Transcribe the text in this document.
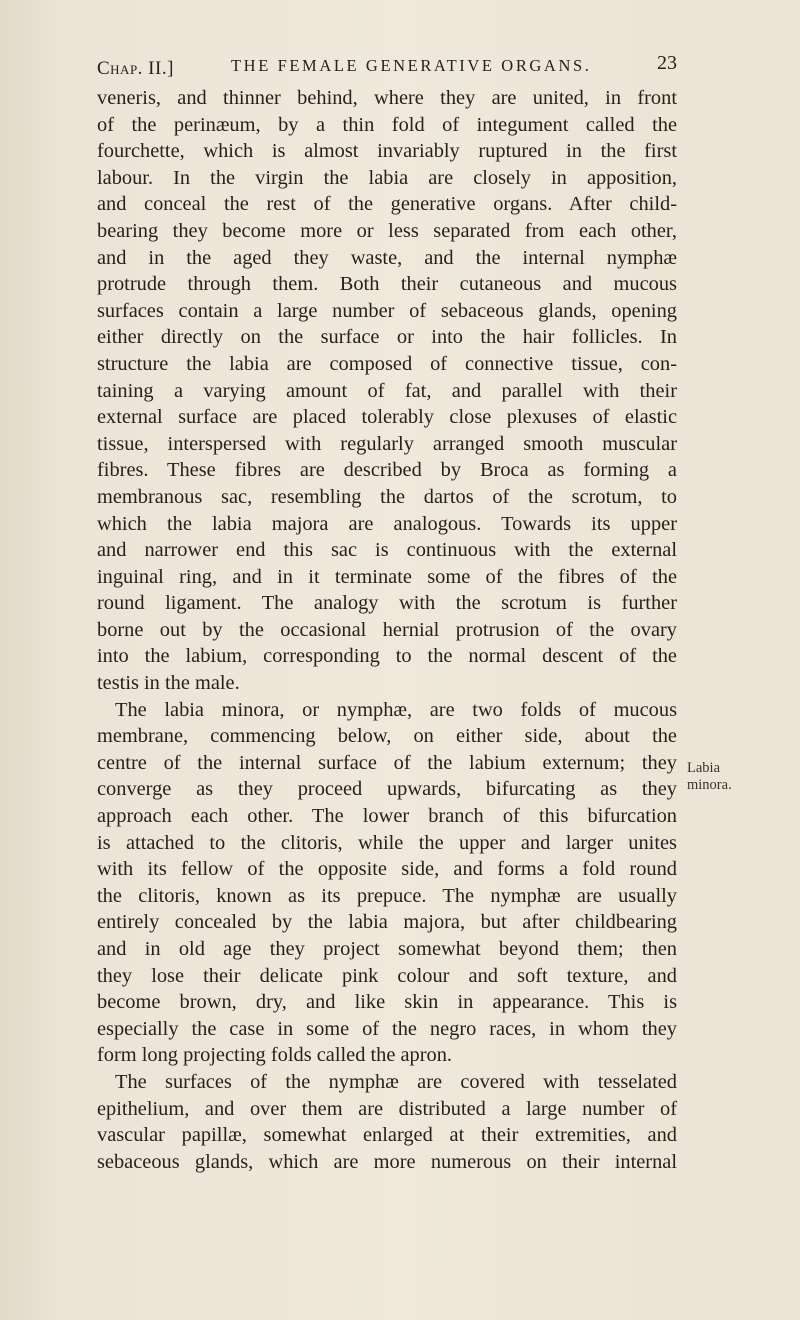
Chap. II.]	THE FEMALE GENERATIVE ORGANS.	23
veneris, and thinner behind, where they are united, in front
of the perinæum, by a thin fold of integument called the
fourchette, which is almost invariably ruptured in the first
labour. In the virgin the labia are closely in apposition,
and conceal the rest of the generative organs. After child-
bearing they become more or less separated from each other,
and in the aged they waste, and the internal nymphæ
protrude through them. Both their cutaneous and mucous
surfaces contain a large number of sebaceous glands, opening
either directly on the surface or into the hair follicles. In
structure the labia are composed of connective tissue, con-
taining a varying amount of fat, and parallel with their
external surface are placed tolerably close plexuses of elastic
tissue, interspersed with regularly arranged smooth muscular
fibres. These fibres are described by Broca as forming a
membranous sac, resembling the dartos of the scrotum, to
which the labia majora are analogous. Towards its upper
and narrower end this sac is continuous with the external
inguinal ring, and in it terminate some of the fibres of the
round ligament. The analogy with the scrotum is further
borne out by the occasional hernial protrusion of the ovary
into the labium, corresponding to the normal descent of the
testis in the male.
The labia minora, or nymphæ, are two folds of mucous
membrane, commencing below, on either side, about the
centre of the internal surface of the labium externum; they
converge as they proceed upwards, bifurcating as they
approach each other. The lower branch of this bifurcation
is attached to the clitoris, while the upper and larger unites
with its fellow of the opposite side, and forms a fold round
the clitoris, known as its prepuce. The nymphæ are usually
entirely concealed by the labia majora, but after childbearing
and in old age they project somewhat beyond them; then
they lose their delicate pink colour and soft texture, and
become brown, dry, and like skin in appearance. This is
especially the case in some of the negro races, in whom they
form long projecting folds called the apron.
The surfaces of the nymphæ are covered with tesselated
epithelium, and over them are distributed a large number of
vascular papillæ, somewhat enlarged at their extremities, and
sebaceous glands, which are more numerous on their internal
Labia
minora.
